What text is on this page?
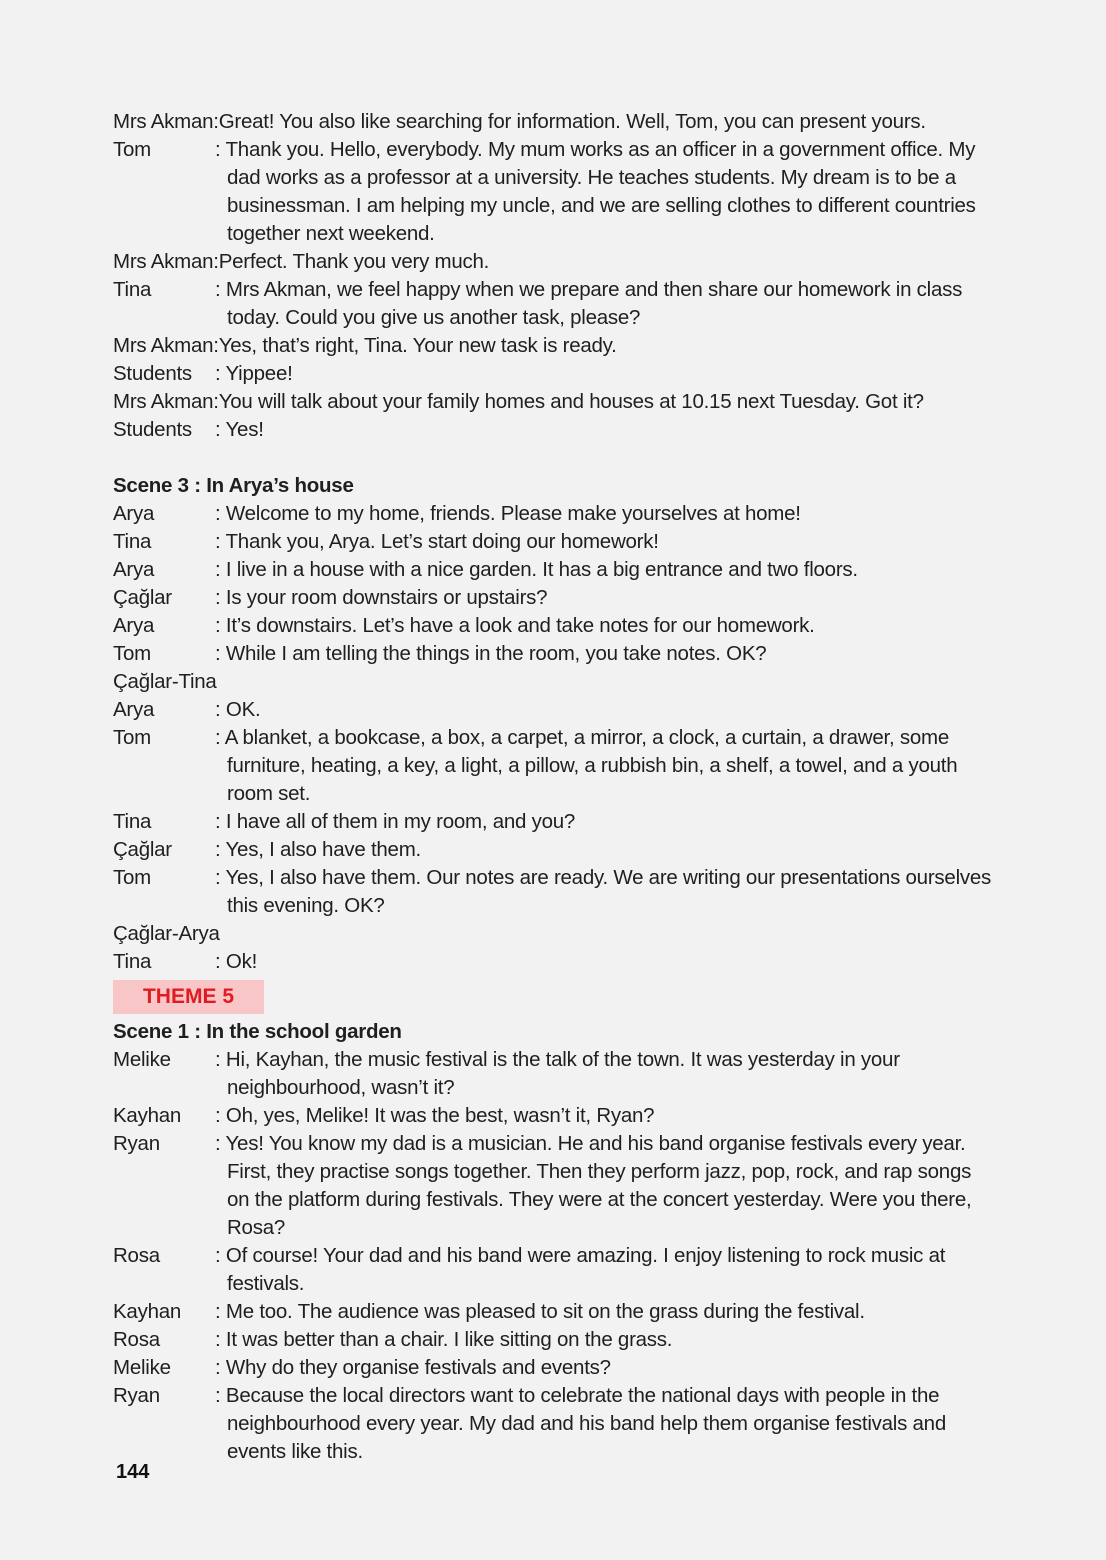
Mrs Akman : Great! You also like searching for information. Well, Tom, you can present yours.
Tom	: Thank you. Hello, everybody. My mum works as an officer in a government office. My
dad works as a professor at a university. He teaches students. My dream is to be a
businessman. I am helping my uncle, and we are selling clothes to different countries
together next weekend.
Mrs Akman : Perfect. Thank you very much.
Tina	: Mrs Akman, we feel happy when we prepare and then share our homework in class
today. Could you give us another task, please?
Mrs Akman : Yes, that’s right, Tina. Your new task is ready.
Students	: Yippee!
Mrs Akman : You will talk about your family homes and houses at 10.15 next Tuesday. Got it?
Students	: Yes!
Scene 3 : In Arya’s house
Arya	: Welcome to my home, friends. Please make yourselves at home!
Tina	: Thank you, Arya. Let’s start doing our homework!
Arya	: I live in a house with a nice garden. It has a big entrance and two floors.
Çağlar	: Is your room downstairs or upstairs?
Arya	: It’s downstairs. Let’s have a look and take notes for our homework.
Tom	: While I am telling the things in the room, you take notes. OK?
Çağlar-Tina
Arya	: OK.
Tom	: A blanket, a bookcase, a box, a carpet, a mirror, a clock, a curtain, a drawer, some
furniture, heating, a key, a light, a pillow, a rubbish bin, a shelf, a towel, and a youth
room set.
Tina	: I have all of them in my room, and you?
Çağlar	: Yes, I also have them.
Tom	: Yes, I also have them. Our notes are ready. We are writing our presentations ourselves
this evening. OK?
Çağlar-Arya
Tina	: Ok!
THEME 5
Scene 1 : In the school garden
Melike	: Hi, Kayhan, the music festival is the talk of the town. It was yesterday in your
neighbourhood, wasn’t it?
Kayhan	: Oh, yes, Melike! It was the best, wasn’t it, Ryan?
Ryan	: Yes! You know my dad is a musician. He and his band organise festivals every year.
First, they practise songs together. Then they perform jazz, pop, rock, and rap songs
on the platform during festivals. They were at the concert yesterday. Were you there,
Rosa?
Rosa	: Of course! Your dad and his band were amazing. I enjoy listening to rock music at
festivals.
Kayhan	: Me too. The audience was pleased to sit on the grass during the festival.
Rosa	: It was better than a chair. I like sitting on the grass.
Melike	: Why do they organise festivals and events?
Ryan	: Because the local directors want to celebrate the national days with people in the
neighbourhood every year. My dad and his band help them organise festivals and
events like this.
144
